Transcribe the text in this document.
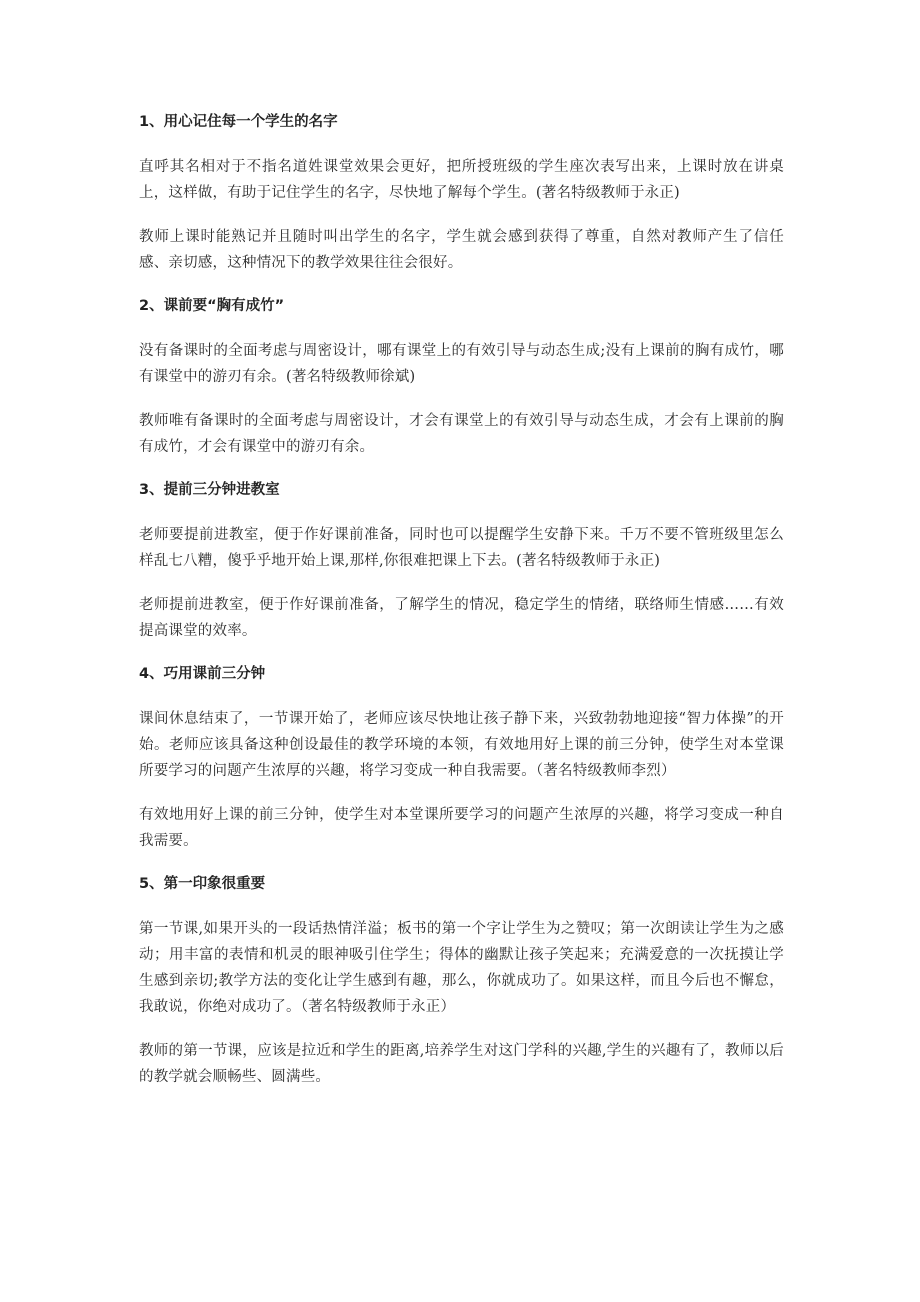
1、用心记住每一个学生的名字

直呼其名相对于不指名道姓课堂效果会更好，把所授班级的学生座次表写出来，上课时放在讲桌上，这样做，有助于记住学生的名字，尽快地了解每个学生。(著名特级教师于永正)

教师上课时能熟记并且随时叫出学生的名字，学生就会感到获得了尊重，自然对教师产生了信任感、亲切感，这种情况下的教学效果往往会很好。

2、课前要“胸有成竹”

没有备课时的全面考虑与周密设计，哪有课堂上的有效引导与动态生成;没有上课前的胸有成竹，哪有课堂中的游刃有余。(著名特级教师徐斌)

教师唯有备课时的全面考虑与周密设计，才会有课堂上的有效引导与动态生成，才会有上课前的胸有成竹，才会有课堂中的游刃有余。

3、提前三分钟进教室

老师要提前进教室，便于作好课前准备，同时也可以提醒学生安静下来。千万不要不管班级里怎么样乱七八糟，傻乎乎地开始上课,那样,你很难把课上下去。(著名特级教师于永正)

老师提前进教室，便于作好课前准备，了解学生的情况，稳定学生的情绪，联络师生情感……有效提高课堂的效率。

4、巧用课前三分钟

课间休息结束了，一节课开始了，老师应该尽快地让孩子静下来，兴致勃勃地迎接“智力体操”的开始。老师应该具备这种创设最佳的教学环境的本领，有效地用好上课的前三分钟，使学生对本堂课所要学习的问题产生浓厚的兴趣，将学习变成一种自我需要。（著名特级教师李烈）

有效地用好上课的前三分钟，使学生对本堂课所要学习的问题产生浓厚的兴趣，将学习变成一种自我需要。

5、第一印象很重要

第一节课,如果开头的一段话热情洋溢；板书的第一个字让学生为之赞叹；第一次朗读让学生为之感动；用丰富的表情和机灵的眼神吸引住学生；得体的幽默让孩子笑起来；充满爱意的一次抚摸让学生感到亲切;教学方法的变化让学生感到有趣，那么，你就成功了。如果这样，而且今后也不懈怠，我敢说，你绝对成功了。（著名特级教师于永正）

教师的第一节课，应该是拉近和学生的距离,培养学生对这门学科的兴趣,学生的兴趣有了，教师以后的教学就会顺畅些、圆满些。
